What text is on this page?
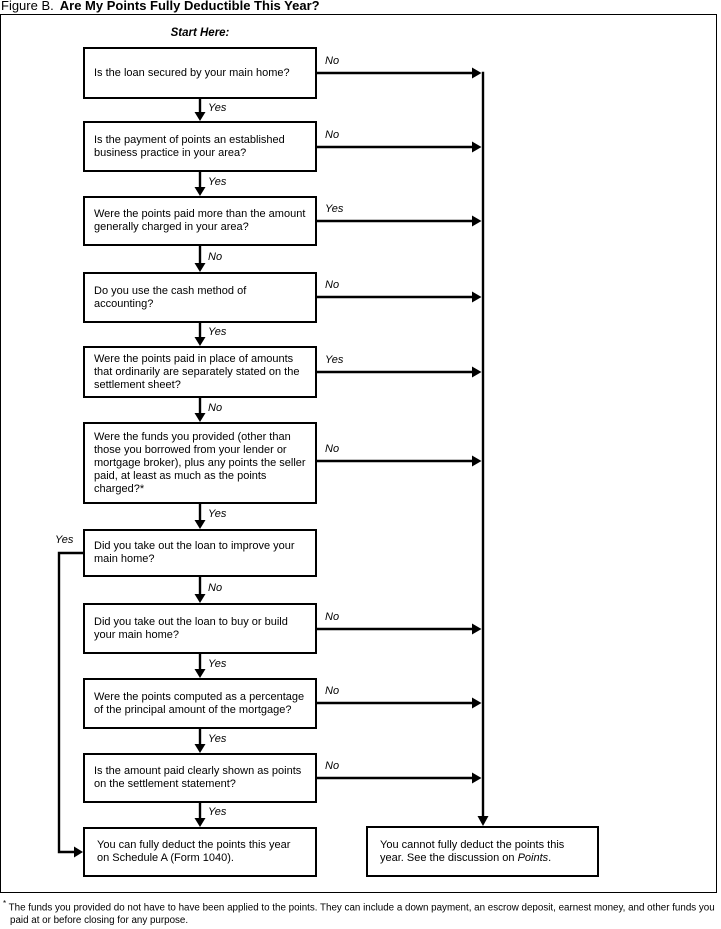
Figure B. Are My Points Fully Deductible This Year?
Start Here:
Is the loan secured by your main home?
Is the payment of points an established business practice in your area?
Were the points paid more than the amount generally charged in your area?
Do you use the cash method of accounting?
Were the points paid in place of amounts that ordinarily are separately stated on the settlement sheet?
Were the funds you provided (other than those you borrowed from your lender or mortgage broker), plus any points the seller paid, at least as much as the points charged?*
Did you take out the loan to improve your main home?
Did you take out the loan to buy or build your main home?
Were the points computed as a percentage of the principal amount of the mortgage?
Is the amount paid clearly shown as points on the settlement statement?
You can fully deduct the points this year on Schedule A (Form 1040).
You cannot fully deduct the points this year. See the discussion on Points.
No
No
Yes
No
Yes
No
No
No
No
Yes
Yes
No
Yes
No
Yes
No
Yes
Yes
Yes
Yes
* The funds you provided do not have to have been applied to the points. They can include a down payment, an escrow deposit, earnest money, and other funds you paid at or before closing for any purpose.
